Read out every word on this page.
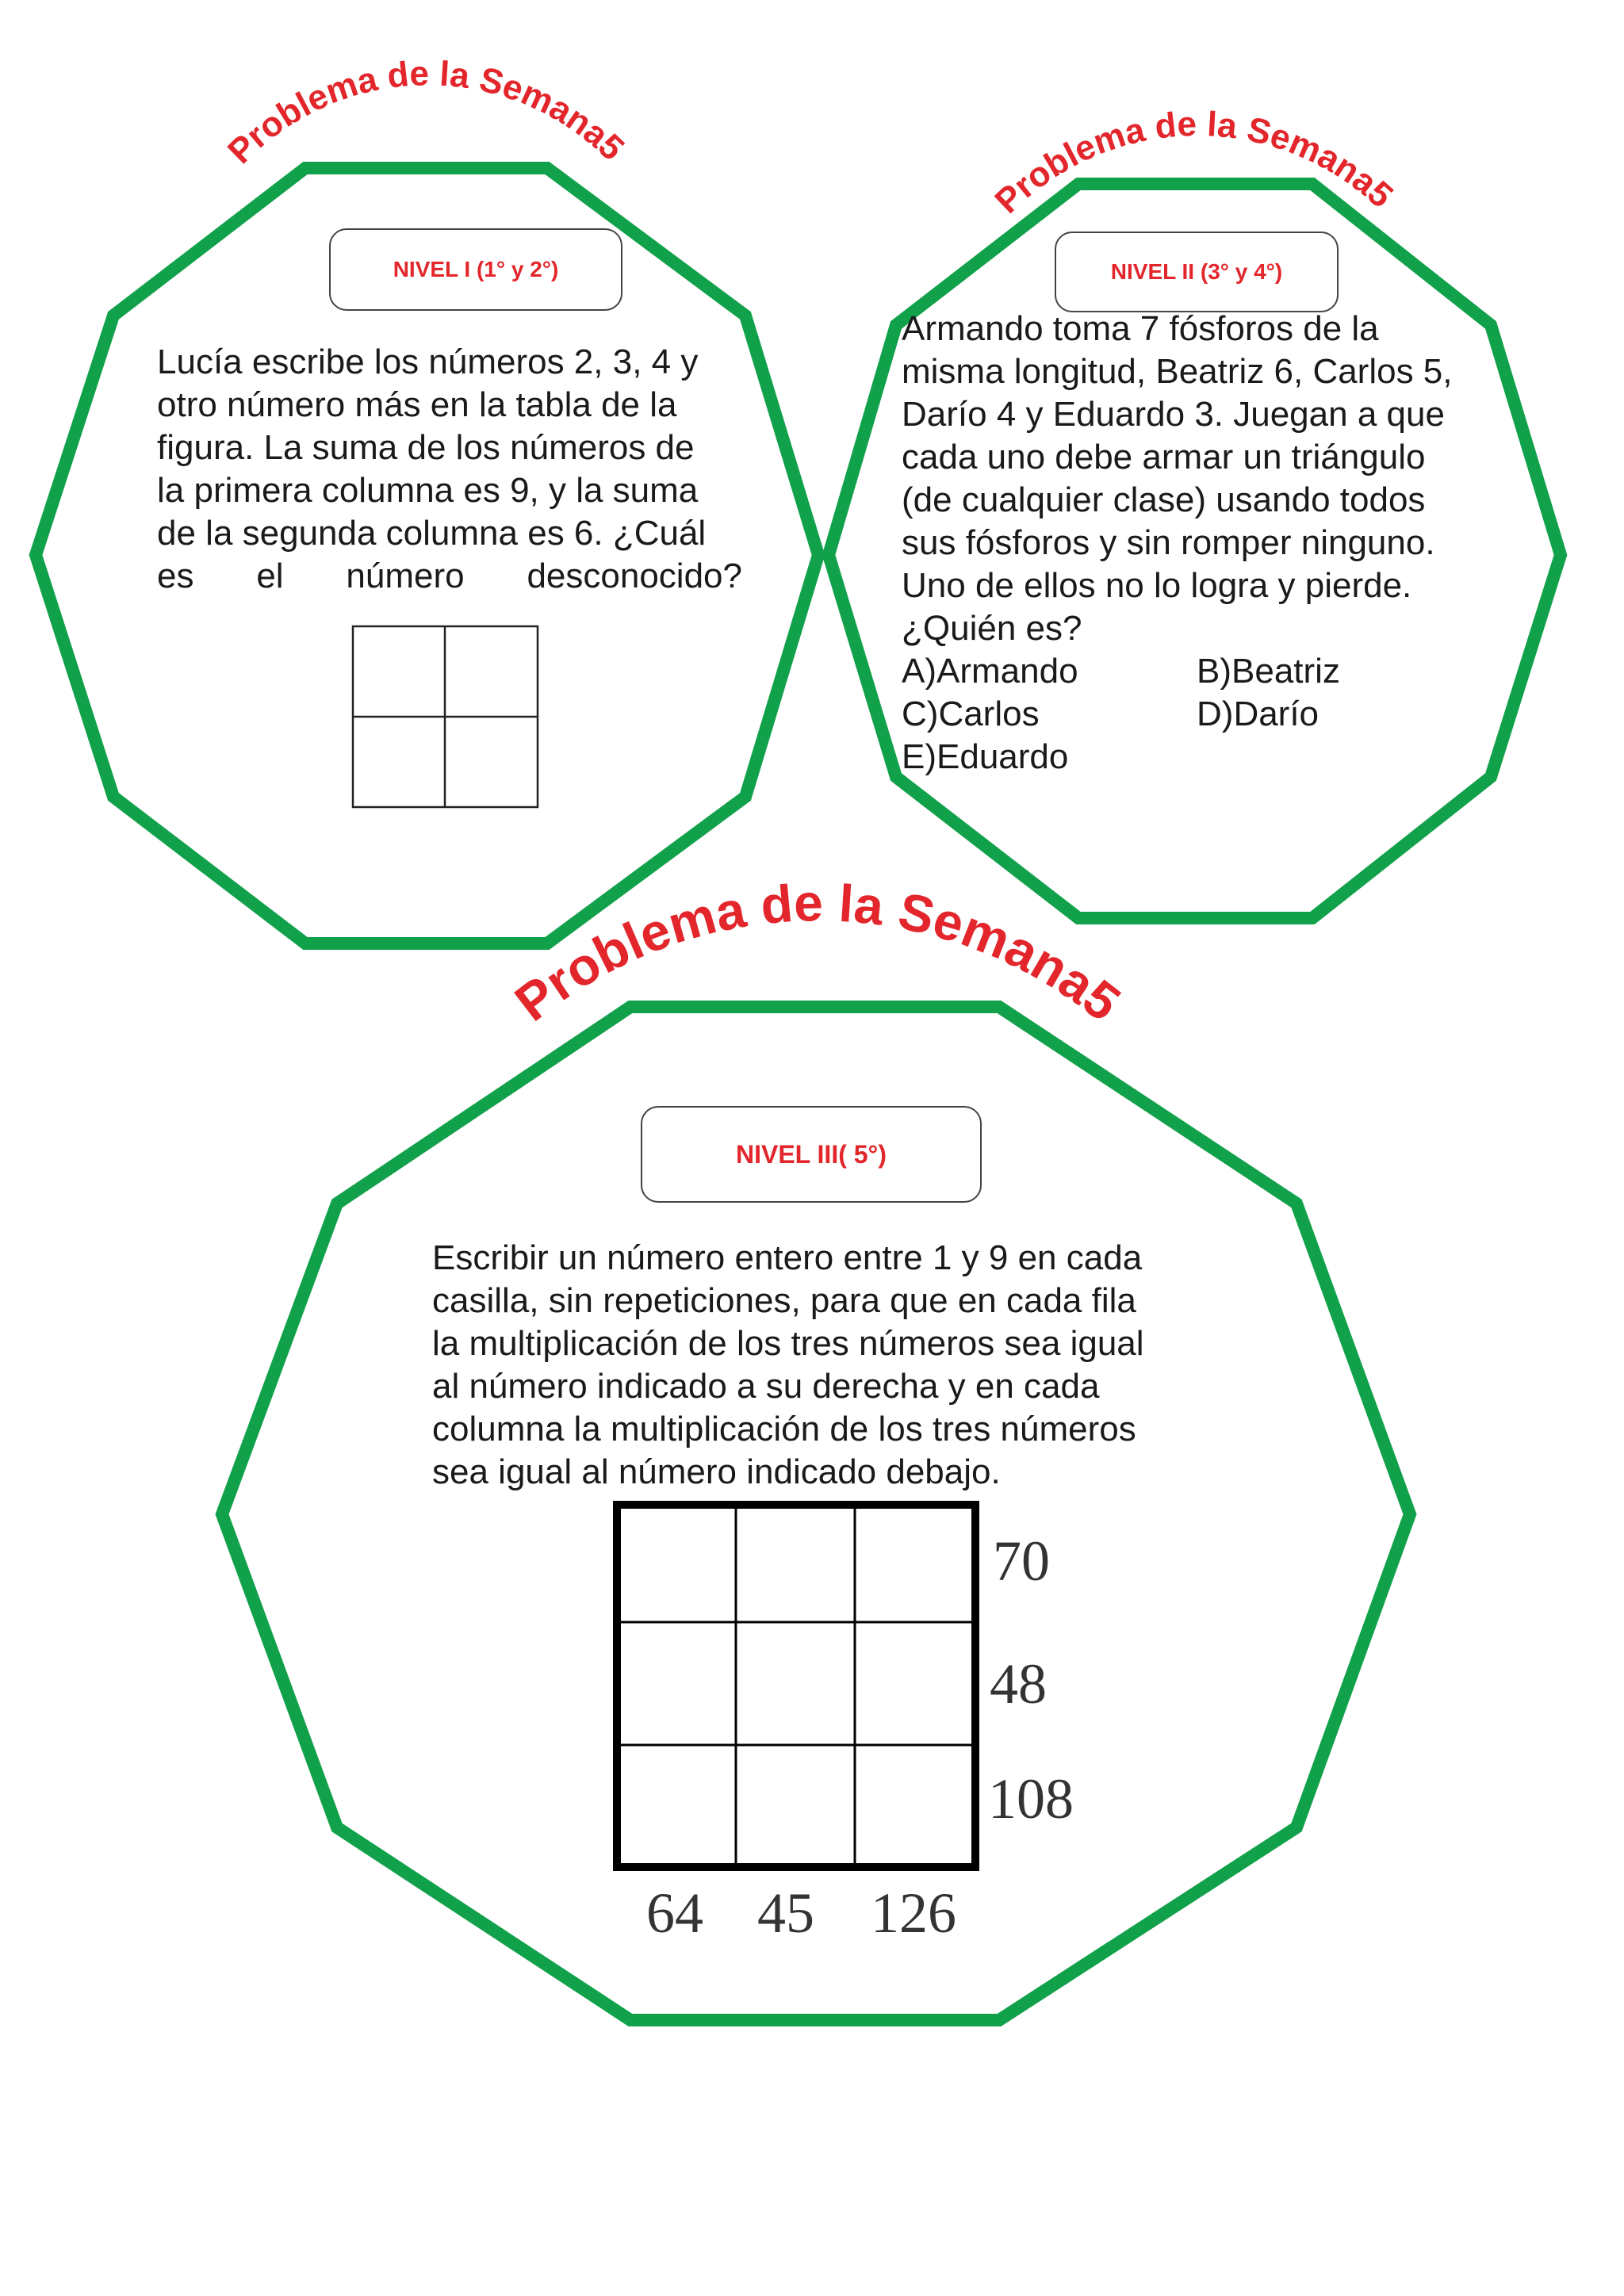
Problema de la Semana5
Problema de la Semana5
Problema de la Semana5
NIVEL I (1° y 2°)

Lucía escribe los números 2, 3, 4 y

otro número más en la tabla de la

figura. La suma de los números de

la primera columna es 9, y la suma

de la segunda columna es 6. ¿Cuál

es el número desconocido?

NIVEL II (3° y 4°)

Armando toma 7 fósforos de la

misma longitud, Beatriz 6, Carlos 5,

Darío 4 y Eduardo 3. Juegan a que

cada uno debe armar un triángulo

(de cualquier clase) usando todos

sus fósforos y sin romper ninguno.

Uno de ellos no lo logra y pierde.

¿Quién es?

A)Armando	B)Beatriz
C)Carlos	D)Darío
E)Eduardo
NIVEL III( 5°)

Escribir un número entero entre 1 y 9 en cada

casilla, sin repeticiones, para que en cada fila

la multiplicación de los tres números sea igual

al número indicado a su derecha y en cada

columna la multiplicación de los tres números

sea igual al número indicado debajo.

70
48
108
64 45 126
